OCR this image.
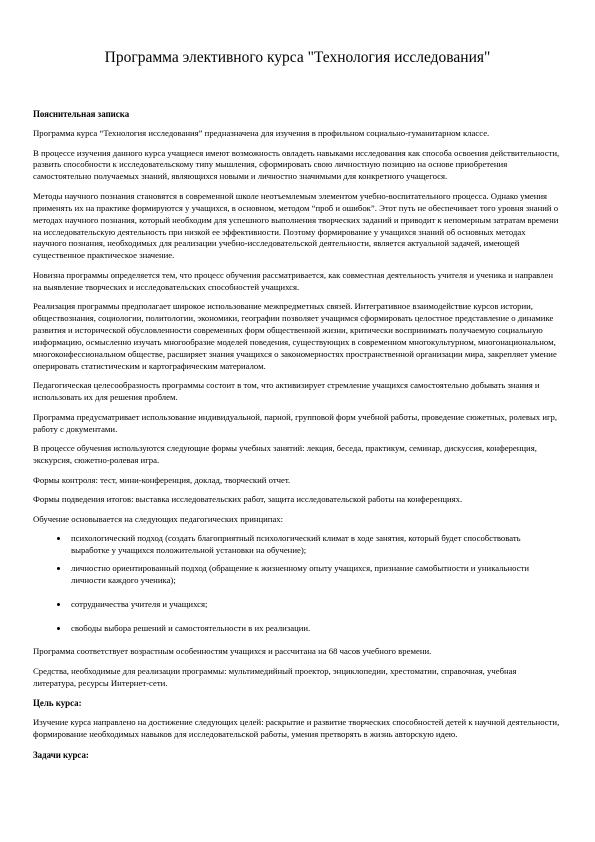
Программа элективного курса "Технология исследования"
Пояснительная записка

Программа курса “Технология исследования” предназначена для изучения в профильном социально-гуманитарном классе.

В процессе изучения данного курса учащиеся имеют возможность овладеть навыками исследования как способа освоения действительности, развить способности к исследовательскому типу мышления, сформировать свою личностную позицию на основе приобретения самостоятельно получаемых знаний, являющихся новыми и личностно значимыми для конкретного учащегося.

Методы научного познания становятся в современной школе неотъемлемым элементом учебно-воспитательного процесса. Однако умения применять их на практике формируются у учащихся, в основном, методом “проб и ошибок”. Этот путь не обеспечивает того уровня знаний о методах научного познания, который необходим для успешного выполнения творческих заданий и приводит к непомерным затратам времени на исследовательскую деятельность при низкой ее эффективности. Поэтому формирование у учащихся знаний об основных методах научного познания, необходимых для реализации учебно-исследовательской деятельности, является актуальной задачей, имеющей существенное практическое значение.

Новизна программы определяется тем, что процесс обучения рассматривается, как совместная деятельность учителя и ученика и направлен на выявление творческих и исследовательских способностей учащихся.

Реализация программы предполагает широкое использование межпредметных связей. Интегративное взаимодействие курсов истории, обществознания, социологии, политологии, экономики, географии позволяет учащимся сформировать целостное представление о динамике развития и исторической обусловленности современных форм общественной жизни, критически воспринимать получаемую социальную информацию, осмысленно изучать многообразие моделей поведения, существующих в современном многокультурном, многонациональном, многоконфессиональном обществе, расширяет знания учащихся о закономерностях пространственной организации мира, закрепляет умение оперировать статистическим и картографическим материалом.

Педагогическая целесообразность программы состоит в том, что активизирует стремление учащихся самостоятельно добывать знания и использовать их для решения проблем.

Программа предусматривает использование индивидуальной, парной, групповой форм учебной работы, проведение сюжетных, ролевых игр, работу с документами.

В процессе обучения используются следующие формы учебных занятий: лекция, беседа, практикум, семинар, дискуссия, конференция, экскурсия, сюжетно-ролевая игра.

Формы контроля: тест, мини-конференция, доклад, творческий отчет.

Формы подведения итогов: выставка исследовательских работ, защита исследовательской работы на конференциях.

Обучение основывается на следующих педагогических принципах:

психологический подход (создать благоприятный психологический климат в ходе занятия, который будет способствовать выработке у учащихся положительной установки на обучение);
личностно ориентированный подход (обращение к жизненному опыту учащихся, признание самобытности и уникальности личности каждого ученика);
сотрудничества учителя и учащихся;
свободы выбора решений и самостоятельности в их реализации.

Программа соответствует возрастным особенностям учащихся и рассчитана на 68 часов учебного времени.

Средства, необходимые для реализации программы: мультимедийный проектор, энциклопедии, хрестоматии, справочная, учебная литература, ресурсы Интернет-сети.

Цель курса:

Изучение курса направлено на достижение следующих целей: раскрытие и развитие творческих способностей детей к научной деятельности, формирование необходимых навыков для исследовательской работы, умения претворять в жизнь авторскую идею.

Задачи курса:
